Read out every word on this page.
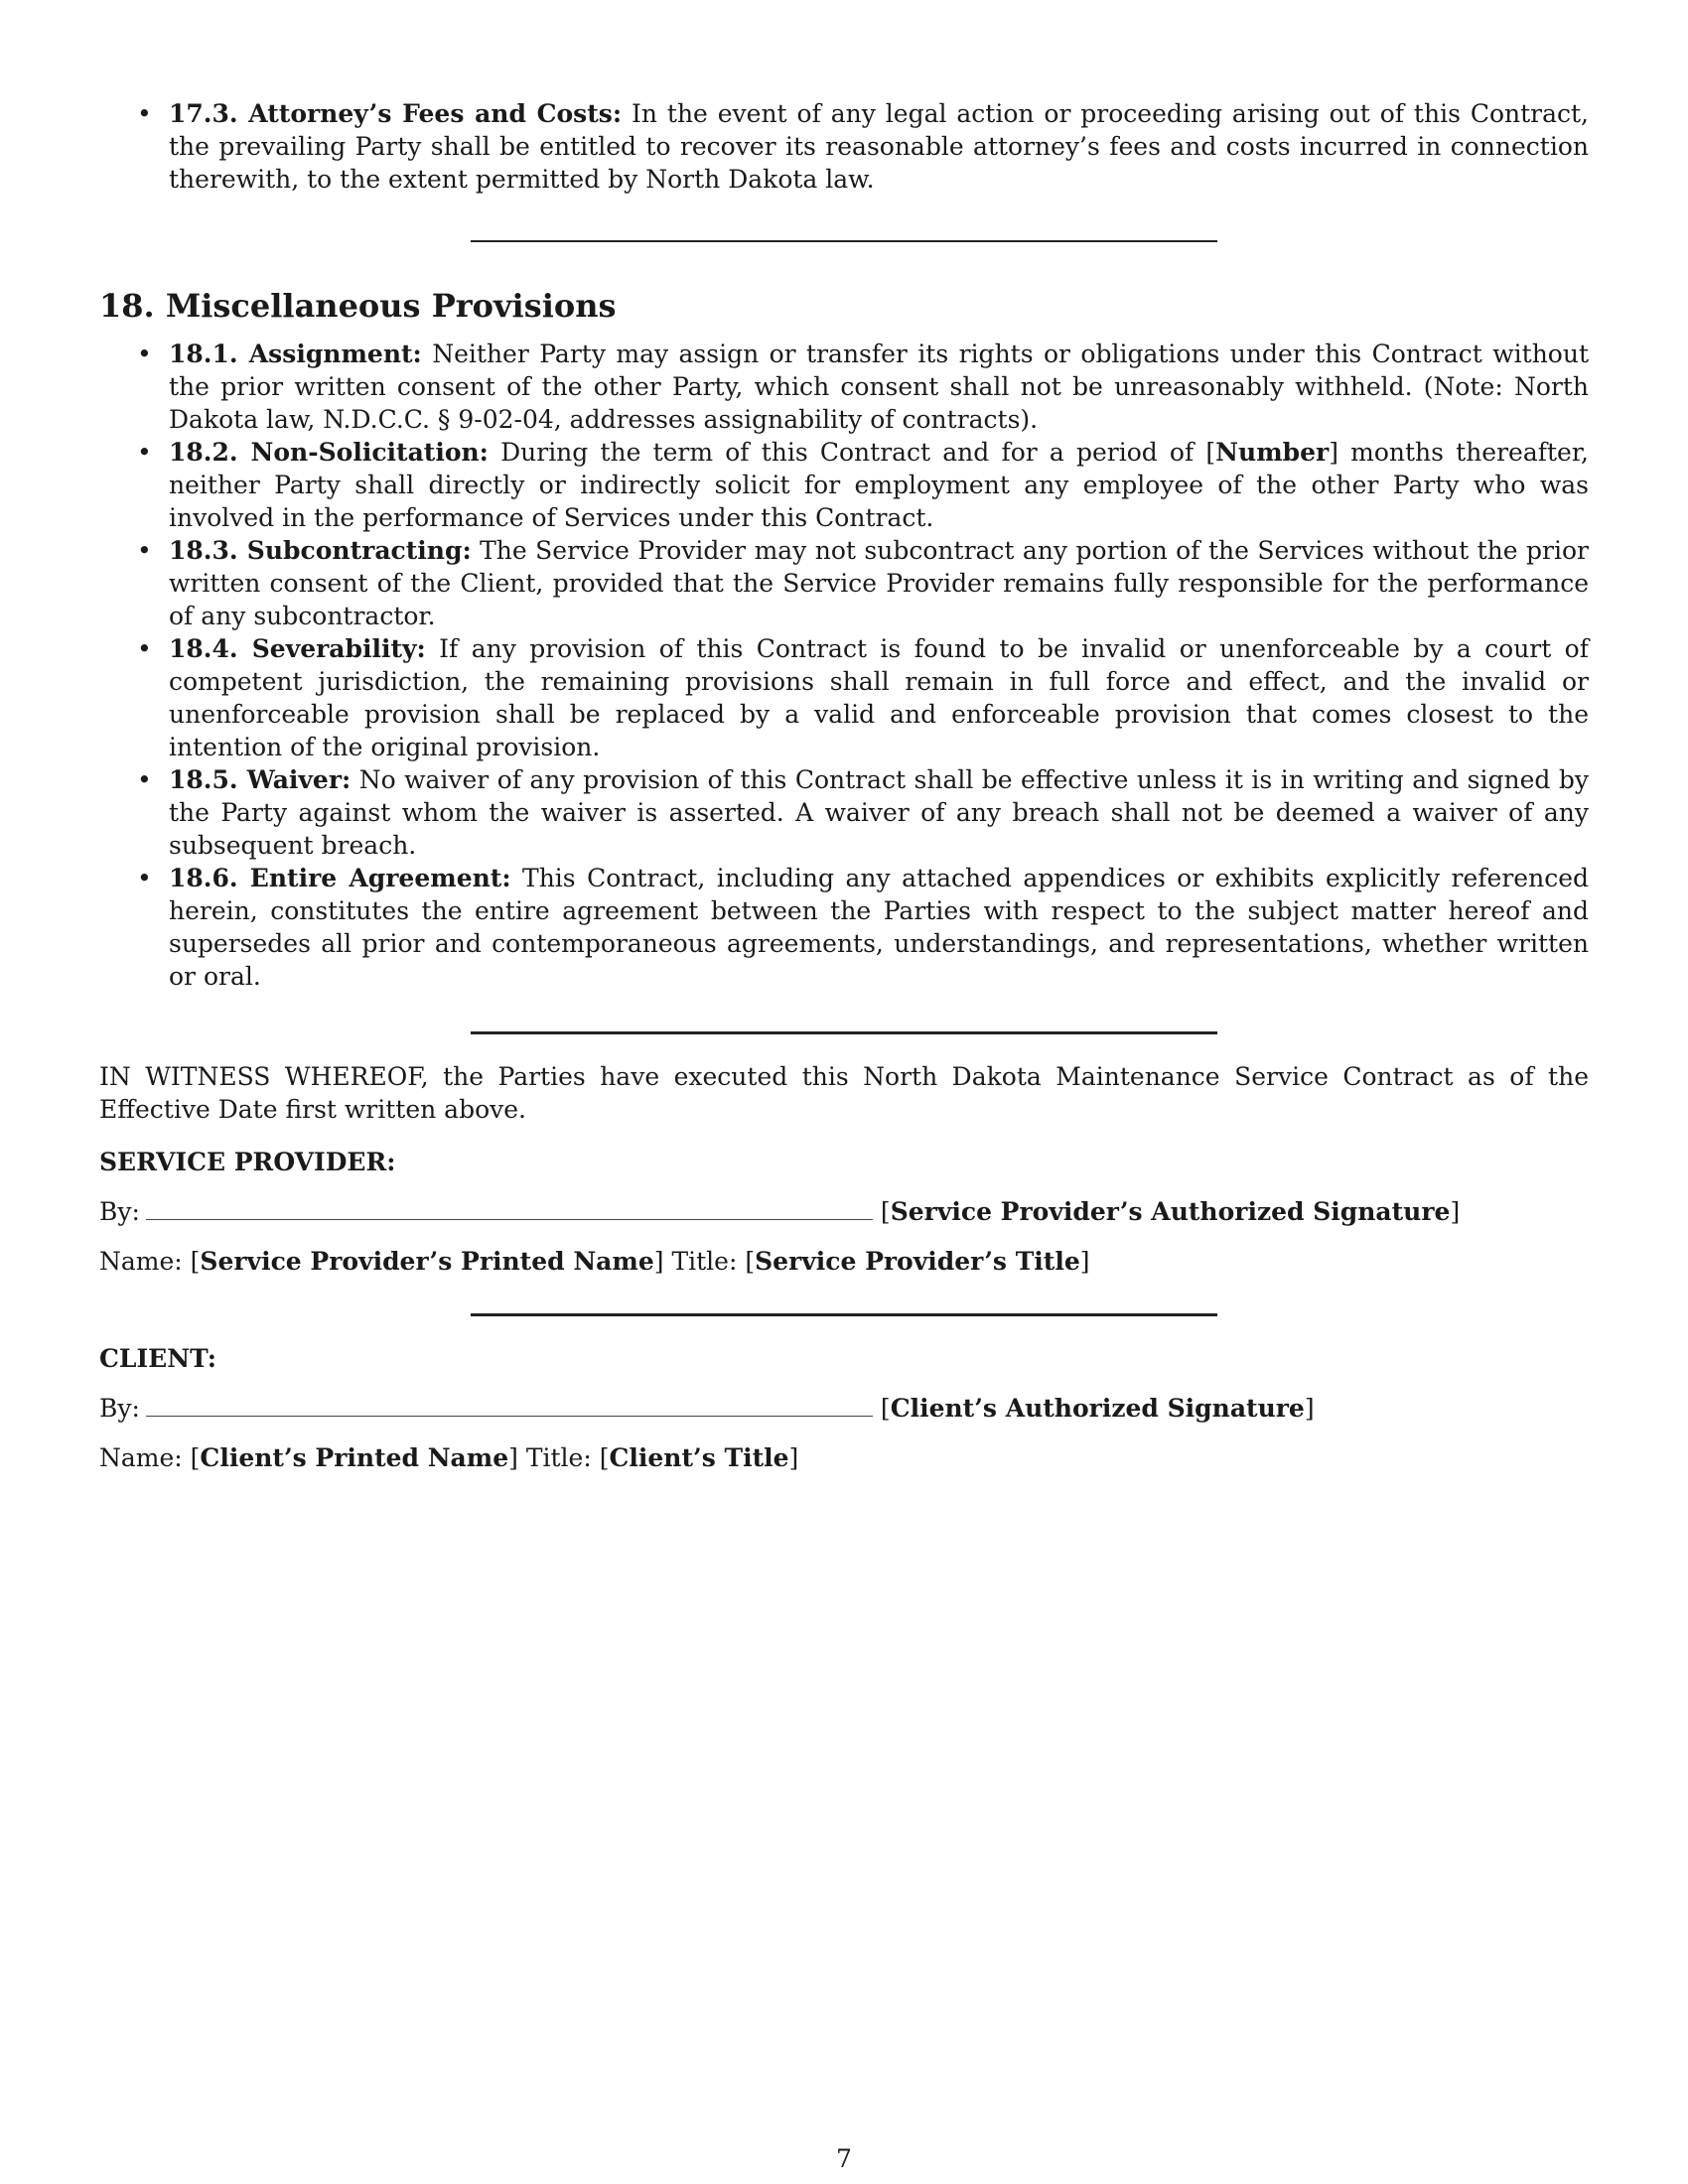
• 17.3. Attorney’s Fees and Costs: In the event of any legal action or proceeding arising out of this Contract, the prevailing Party shall be entitled to recover its reasonable attorney’s fees and costs incurred in connection therewith, to the extent permitted by North Dakota law.
18. Miscellaneous Provisions
• 18.1. Assignment: Neither Party may assign or transfer its rights or obligations under this Contract without the prior written consent of the other Party, which consent shall not be unreasonably withheld. (Note: North Dakota law, N.D.C.C. § 9-02-04, addresses assignability of contracts).
• 18.2. Non-Solicitation: During the term of this Contract and for a period of [Number] months thereafter, neither Party shall directly or indirectly solicit for employment any employee of the other Party who was involved in the performance of Services under this Contract.
• 18.3. Subcontracting: The Service Provider may not subcontract any portion of the Services without the prior written consent of the Client, provided that the Service Provider remains fully responsible for the performance of any subcontractor.
• 18.4. Severability: If any provision of this Contract is found to be invalid or unenforceable by a court of competent jurisdiction, the remaining provisions shall remain in full force and effect, and the invalid or unenforceable provision shall be replaced by a valid and enforceable provision that comes closest to the intention of the original provision.
• 18.5. Waiver: No waiver of any provision of this Contract shall be effective unless it is in writing and signed by the Party against whom the waiver is asserted. A waiver of any breach shall not be deemed a waiver of any subsequent breach.
• 18.6. Entire Agreement: This Contract, including any attached appendices or exhibits explicitly referenced herein, constitutes the entire agreement between the Parties with respect to the subject matter hereof and supersedes all prior and contemporaneous agreements, understandings, and representations, whether written or oral.

IN WITNESS WHEREOF, the Parties have executed this North Dakota Maintenance Service Contract as of the Effective Date first written above.

SERVICE PROVIDER:
By:	[Service Provider’s Authorized Signature]
Name: [Service Provider’s Printed Name] Title: [Service Provider’s Title]
CLIENT:
By:	[Client’s Authorized Signature]
Name: [Client’s Printed Name] Title: [Client’s Title]
7
